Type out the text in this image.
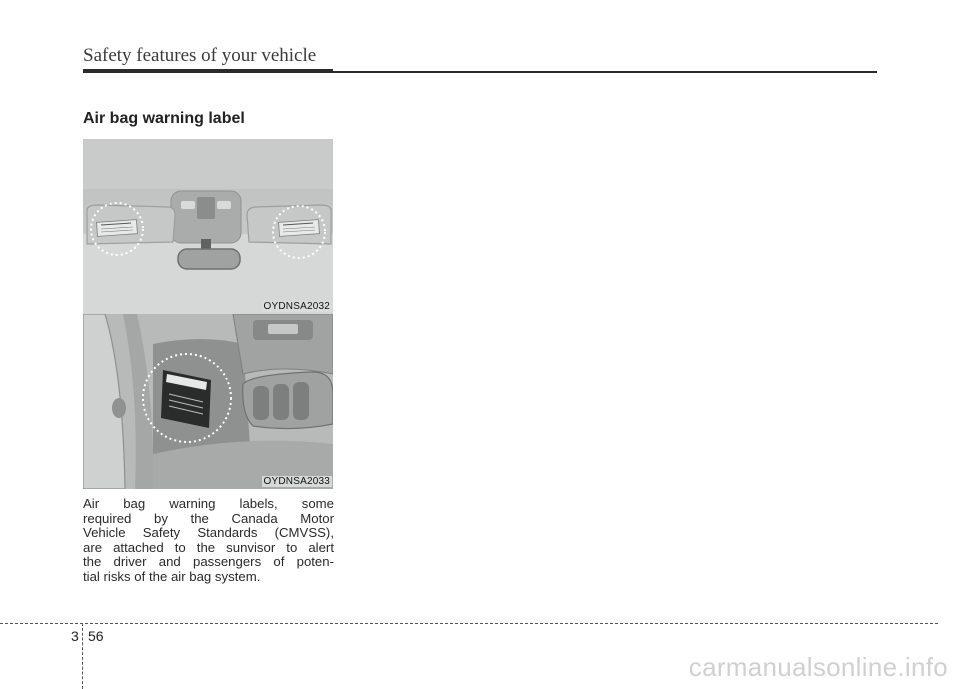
Safety features of your vehicle
Air bag warning label
OYDNSA2032
OYDNSA2033
Air bag warning labels, some
required by the Canada Motor
Vehicle Safety Standards (CMVSS),
are attached to the sunvisor to alert
the driver and passengers of poten-
tial risks of the air bag system.
3 56
carmanualsonline.info
